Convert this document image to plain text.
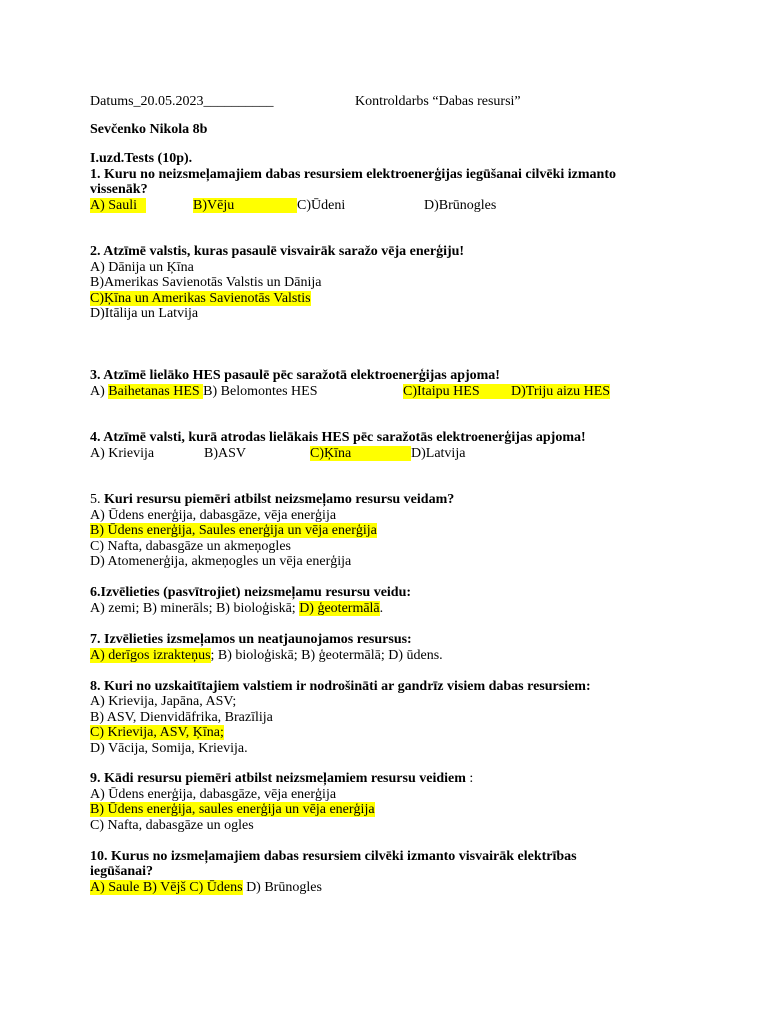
Datums_20.05.2023__________	Kontroldarbs “Dabas resursi”
Sevčenko Nikola 8b
I.uzd.Tests (10p).
1. Kuru no neizsmeļamajiem dabas resursiem elektroenerģijas iegūšanai cilvēki izmanto
vissenāk?
A) Sauli	B)Vēju	C)Ūdeni	D)Brūnogles
2. Atzīmē valstis, kuras pasaulē visvairāk saražo vēja enerģiju!
A) Dānija un Ķīna
B)Amerikas Savienotās Valstis un Dānija
C)Ķīna un Amerikas Savienotās Valstis
D)Itālija un Latvija
3. Atzīmē lielāko HES pasaulē pēc saražotā elektroenerģijas apjoma!
A) Baihetanas HES B) Belomontes HES	C)Itaipu HES	D)Triju aizu HES
4. Atzīmē valsti, kurā atrodas lielākais HES pēc saražotās elektroenerģijas apjoma!
A) Krievija	B)ASV	C)Ķīna	D)Latvija
5. Kuri resursu piemēri atbilst neizsmeļamo resursu veidam?
A) Ūdens enerģija, dabasgāze, vēja enerģija
B) Ūdens enerģija, Saules enerģija un vēja enerģija
C) Nafta, dabasgāze un akmeņogles
D) Atomenerģija, akmeņogles un vēja enerģija
6.Izvēlieties (pasvītrojiet) neizsmeļamu resursu veidu:
A) zemi; B) minerāls; B) bioloģiskā; D) ģeotermālā.
7. Izvēlieties izsmeļamos un neatjaunojamos resursus:
A) derīgos izrakteņus; B) bioloģiskā; B) ģeotermālā; D) ūdens.
8. Kuri no uzskaitītajiem valstiem ir nodrošināti ar gandrīz visiem dabas resursiem:
A) Krievija, Japāna, ASV;
B) ASV, Dienvidāfrika, Brazīlija
C) Krievija, ASV, Ķīna;
D) Vācija, Somija, Krievija.
9. Kādi resursu piemēri atbilst neizsmeļamiem resursu veidiem :
A) Ūdens enerģija, dabasgāze, vēja enerģija
B) Ūdens enerģija, saules enerģija un vēja enerģija
C) Nafta, dabasgāze un ogles
10. Kurus no izsmeļamajiem dabas resursiem cilvēki izmanto visvairāk elektrības
iegūšanai?
A) Saule B) Vējš C) Ūdens D) Brūnogles
